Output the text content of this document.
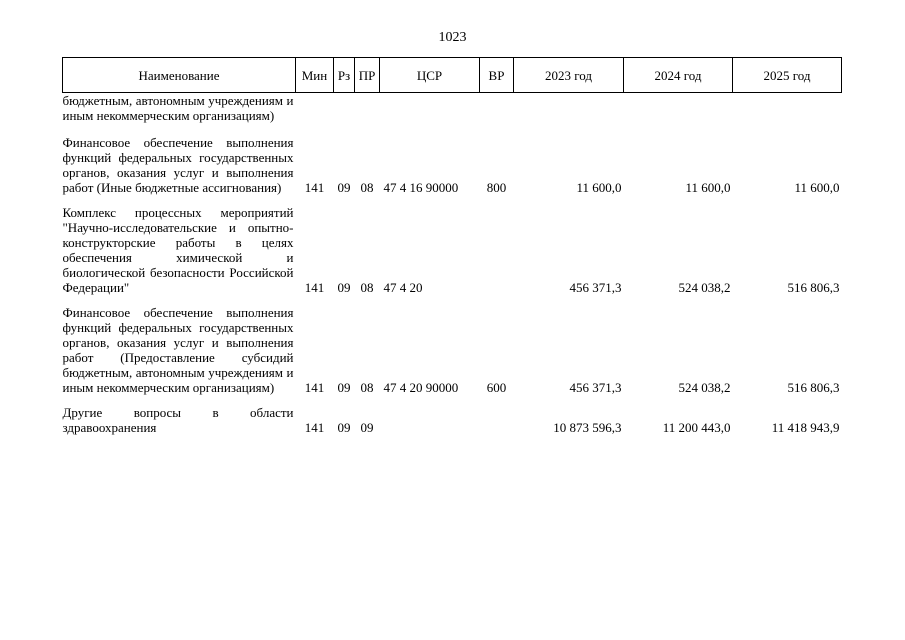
1023
Наименование	Мин	Рз	ПР	ЦСР	ВР	2023 год	2024 год	2025 год

бюджетным, автономным учреждениям и иным некоммерческим организациям)								

Финансовое обеспечение выполнения функций федеральных государственных органов, оказания услуг и выполнения работ (Иные бюджетные ассигнования)	141	09	08	47 4 16 90000	800	11 600,0	11 600,0	11 600,0

Комплекс процессных мероприятий "Научно-исследовательские и опытно-конструкторские работы в целях обеспечения химической и биологической безопасности Российской Федерации"	141	09	08	47 4 20		456 371,3	524 038,2	516 806,3

Финансовое обеспечение выполнения функций федеральных государственных органов, оказания услуг и выполнения работ (Предоставление субсидий бюджетным, автономным учреждениям и иным некоммерческим организациям)	141	09	08	47 4 20 90000	600	456 371,3	524 038,2	516 806,3

Другие вопросы в области здравоохранения	141	09	09			10 873 596,3	11 200 443,0	11 418 943,9
